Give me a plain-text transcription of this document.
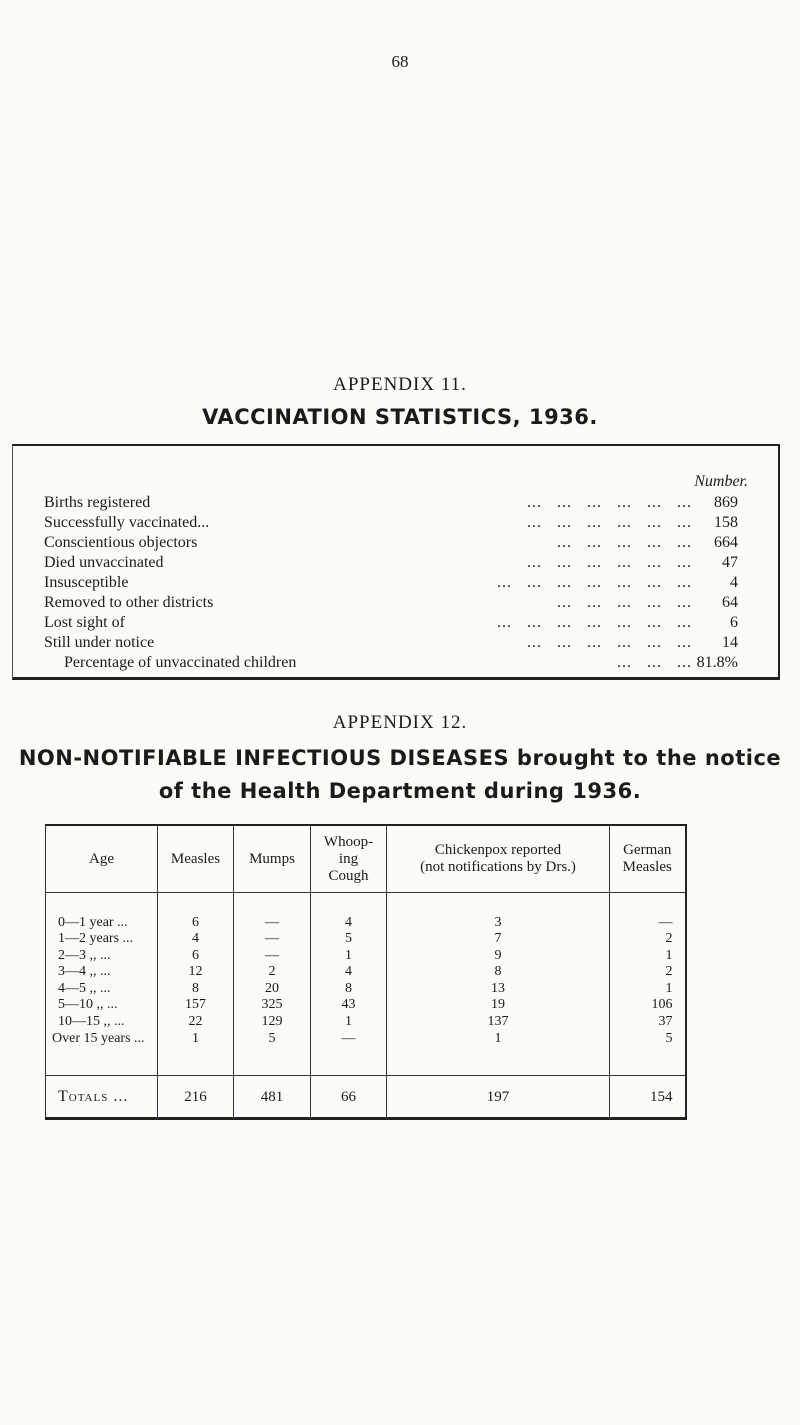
68
APPENDIX 11.
VACCINATION STATISTICS, 1936.
Number.
Births registered	...   ...   ...   ...   ...   ... 869
Successfully vaccinated...	...   ...   ...   ...   ...   ... 158
Conscientious objectors	...   ...   ...   ...   ... 664
Died unvaccinated	...   ...   ...   ...   ...   ... 47
Insusceptible	...   ...   ...   ...   ...   ...   ... 4
Removed to other districts	...   ...   ...   ...   ... 64
Lost sight of	...   ...   ...   ...   ...   ...   ... 6
Still under notice	...   ...   ...   ...   ...   ... 14
Percentage of unvaccinated children	...   ...   ... 81.8%
APPENDIX 12.
NON-NOTIFIABLE INFECTIOUS DISEASES brought to the notice
of the Health Department during 1936.
Age	Measles	Mumps	Whoop-
ing
Cough	Chickenpox reported
(not notifications by Drs.)	German
Measles

0—1 year ...	6	—	4	3	—
1—2 years ...	4	—	5	7	2
2—3 ,, ...	6	—	1	9	1
3—4 ,, ...	12	2	4	8	2
4—5 ,, ...	8	20	8	13	1
5—10 ,, ...	157	325	43	19	106
10—15 ,, ...	22	129	1	137	37
Over 15 years ...	1	5	—	1	5

Totals ...	216	481	66	197	154
